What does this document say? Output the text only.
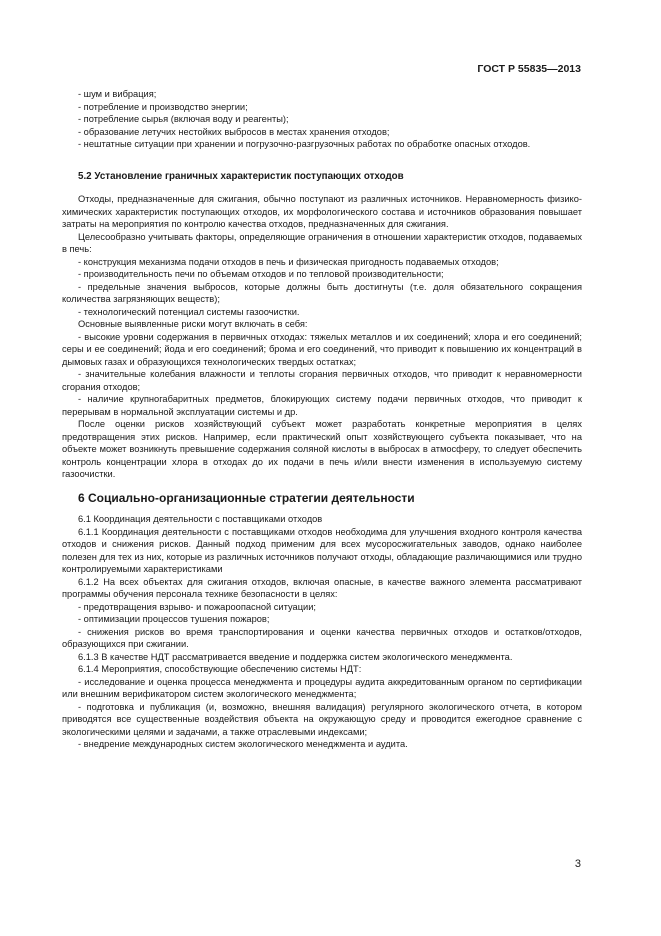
ГОСТ Р 55835—2013

- шум и вибрация;

- потребление и производство энергии;

- потребление сырья (включая воду и реагенты);

- образование летучих нестойких выбросов в местах хранения отходов;

- нештатные ситуации при хранении и погрузочно-разгрузочных работах по обработке опасных отходов.

5.2 Установление граничных характеристик поступающих отходов

Отходы, предназначенные для сжигания, обычно поступают из различных источников. Неравномерность физико-химических характеристик поступающих отходов, их морфологического состава и источников образования повышает затраты на мероприятия по контролю качества отходов, предназначенных для сжигания.

Целесообразно учитывать факторы, определяющие ограничения в отношении характеристик отходов, подаваемых в печь:

- конструкция механизма подачи отходов в печь и физическая пригодность подаваемых отходов;

- производительность печи по объемам отходов и по тепловой производительности;

- предельные значения выбросов, которые должны быть достигнуты (т.е. доля обязательного сокращения количества загрязняющих веществ);

- технологический потенциал системы газоочистки.

Основные выявленные риски могут включать в себя:

- высокие уровни содержания в первичных отходах: тяжелых металлов и их соединений; хлора и его соединений; серы и ее соединений; йода и его соединений; брома и его соединений, что приводит к повышению их концентраций в дымовых газах и образующихся технологических твердых остатках;

- значительные колебания влажности и теплоты сгорания первичных отходов, что приводит к неравномерности сгорания отходов;

- наличие крупногабаритных предметов, блокирующих систему подачи первичных отходов, что приводит к перерывам в нормальной эксплуатации системы и др.

После оценки рисков хозяйствующий субъект может разработать конкретные мероприятия в целях предотвращения этих рисков. Например, если практический опыт хозяйствующего субъекта показывает, что на объекте может возникнуть превышение содержания соляной кислоты в выбросах в атмосферу, то следует обеспечить контроль концентрации хлора в отходах до их подачи в печь и/или внести изменения в используемую систему газоочистки.

6 Социально-организационные стратегии деятельности

6.1 Координация деятельности с поставщиками отходов

6.1.1 Координация деятельности с поставщиками отходов необходима для улучшения входного контроля качества отходов и снижения рисков. Данный подход применим для всех мусоросжигательных заводов, однако наиболее полезен для тех из них, которые из различных источников получают отходы, обладающие различающимися или трудно контролируемыми характеристиками

6.1.2 На всех объектах для сжигания отходов, включая опасные, в качестве важного элемента рассматривают программы обучения персонала технике безопасности в целях:

- предотвращения взрыво- и пожароопасной ситуации;

- оптимизации процессов тушения пожаров;

- снижения рисков во время транспортирования и оценки качества первичных отходов и остатков/отходов, образующихся при сжигании.

6.1.3 В качестве НДТ рассматривается введение и поддержка систем экологического менеджмента.

6.1.4 Мероприятия, способствующие обеспечению системы НДТ:

- исследование и оценка процесса менеджмента и процедуры аудита аккредитованным органом по сертификации или внешним верификатором систем экологического менеджмента;

- подготовка и публикация (и, возможно, внешняя валидация) регулярного экологического отчета, в котором приводятся все существенные воздействия объекта на окружающую среду и проводится ежегодное сравнение с экологическими целями и задачами, а также отраслевыми индексами;

- внедрение международных систем экологического менеджмента и аудита.

3
